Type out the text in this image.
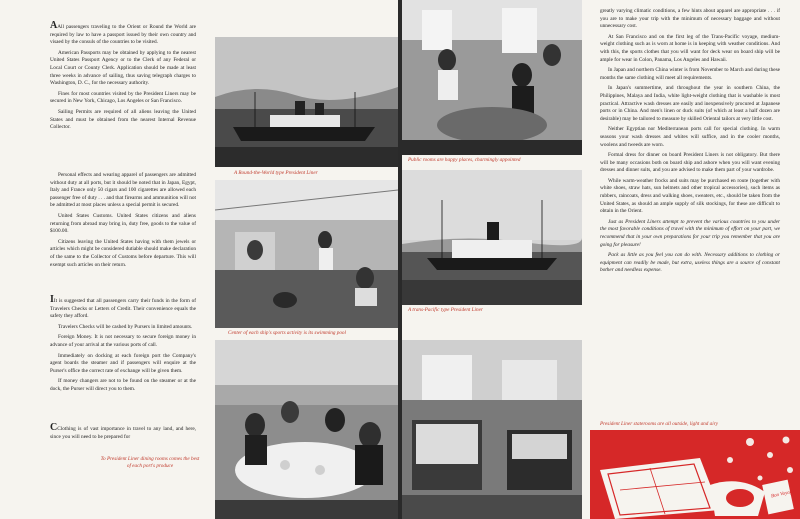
AAll passengers traveling to the Orient or Round the World are required by law to have a passport issued by their own country and visaed by the consuls of the countries to be visited.

American Passports may be obtained by applying to the nearest United States Passport Agency or to the Clerk of any Federal or Local Court or County Clerk. Application should be made at least three weeks in advance of sailing, thus saving telegraph charges to Washington, D. C., for the necessary authority.

Fines for most countries visited by the President Liners may be secured in New York, Chicago, Los Angeles or San Francisco.

Sailing Permits are required of all aliens leaving the United States and must be obtained from the nearest Internal Revenue Collector.

Personal effects and wearing apparel of passengers are admitted without duty at all ports, but it should be noted that in Japan, Egypt, Italy and France only 50 cigars and 100 cigarettes are allowed each passenger free of duty . . . and that firearms and ammunition will not be admitted at most places unless a special permit is secured.

United States Customs. United States citizens and aliens returning from abroad may bring in, duty free, goods to the value of $100.00.

Citizens leaving the United States having with them jewels or articles which might be considered dutiable should make declaration of the same to the Collector of Customs before departure. This will exempt such articles on their return.

IIt is suggested that all passengers carry their funds in the form of Travelers Checks or Letters of Credit. Their convenience equals the safety they afford.

Travelers Checks will be cashed by Pursers in limited amounts.

Foreign Money. It is not necessary to secure foreign money in advance of your arrival at the various ports of call.

Immediately on docking at each foreign port the Company's agent boards the steamer and if passengers will enquire at the Purser's office the correct rate of exchange will be given them.

If money changers are not to be found on the steamer or at the dock, the Purser will direct you to them.

CClothing is of vast importance in travel to any land, and here, since you will need to be prepared for

A Round-the-World type President Liner
Center of each ship's sports activity is its swimming pool
To President Liner dining rooms comes the best of each port's produce
Public rooms are happy places, charmingly appointed
A trans-Pacific type President Liner

greatly varying climatic conditions, a few hints about apparel are appropriate . . . if you are to make your trip with the minimum of necessary baggage and without unnecessary cost.

At San Francisco and on the first leg of the Trans-Pacific voyage, medium-weight clothing such as is worn at home is in keeping with weather conditions. And with this, the sports clothes that you will want for deck wear on board ship will be ample for wear in Colon, Panama, Los Angeles and Hawaii.

In Japan and northern China winter is from November to March and during these months the same clothing will meet all requirements.

In Japan's summertime, and throughout the year in southern China, the Philippines, Malaya and India, white light-weight clothing that is washable is most practical. Attractive wash dresses are easily and inexpensively procured at Japanese ports or in China. And men's linen or duck suits (of which at least a half dozen are desirable) may be tailored to measure by skilled Oriental tailors at very little cost.

Neither Egyptian nor Mediterranean ports call for special clothing. In warm seasons your wash dresses and whites will suffice, and in the cooler months, woolens and tweeds are worn.

Formal dress for dinner on board President Liners is not obligatory. But there will be many occasions both on board ship and ashore when you will want evening dresses and dinner suits, and you are advised to make them part of your wardrobe.

While warm-weather frocks and suits may be purchased en route (together with white shoes, straw hats, sun helmets and other tropical accessories), such items as rubbers, raincoats, dress and walking shoes, sweaters, etc., should be taken from the United States, as should an ample supply of silk stockings, for these are difficult to obtain in the Orient.

Just as President Liners attempt to prevent the various countries to you under the most favorable conditions of travel with the minimum of effort on your part, we recommend that in your own preparations for your trip you remember that you are going for pleasure!

Pack as little as you feel you can do with. Necessary additions to clothing or equipment can readily be made, but extra, useless things are a source of constant bother and needless expense.

President Liner staterooms are all outside, light and airy
Bon Voyage
